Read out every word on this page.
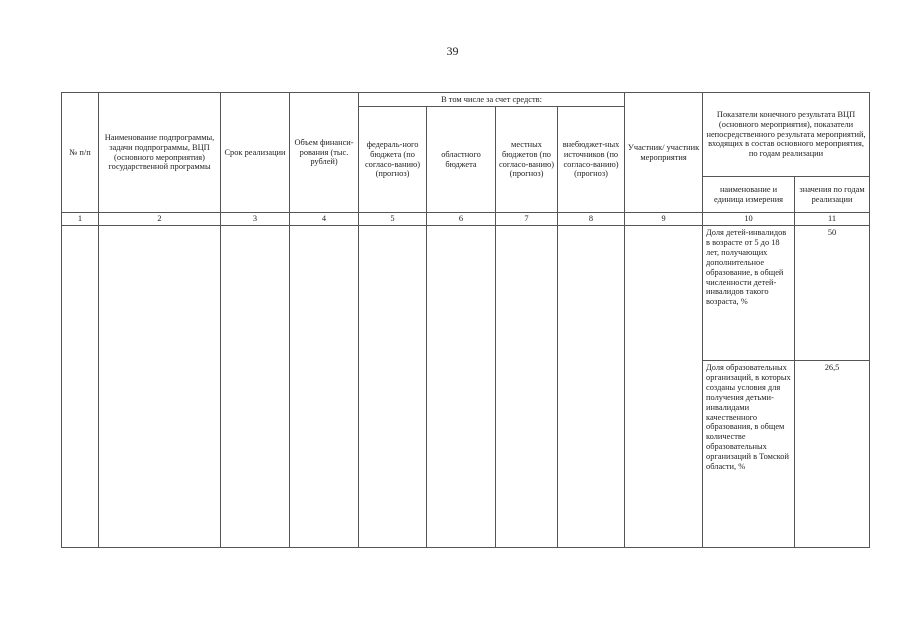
39
№ п/п	Наименование подпрограммы, задачи подпрограммы, ВЦП (основного мероприятия) государственной программы	Срок реализации	Объем финанси-рования (тыс. рублей)	В том числе за счет средств:				Участник/ участник мероприятия	Показатели конечного результата ВЦП (основного мероприятия), показатели непосредственного результата мероприятий, входящих в состав основного мероприятия, по годам реализации	
				федераль-ного бюджета (по согласо-ванию) (прогноз)	областного бюджета	местных бюджетов (по согласо-ванию) (прогноз)	внебюджет-ных источников (по согласо-ванию) (прогноз)			
									наименование и единица измерения	значения по годам реализации
1	2	3	4	5	6	7	8	9	10	11
									Доля детей-инвалидов в возрасте от 5 до 18 лет, получающих дополнительное образование, в общей численности детей-инвалидов такого возраста, %	50
									Доля образовательных организаций, в которых созданы условия для получения детьми-инвалидами качественного образования, в общем количестве образовательных организаций в Томской области, %	26,5
